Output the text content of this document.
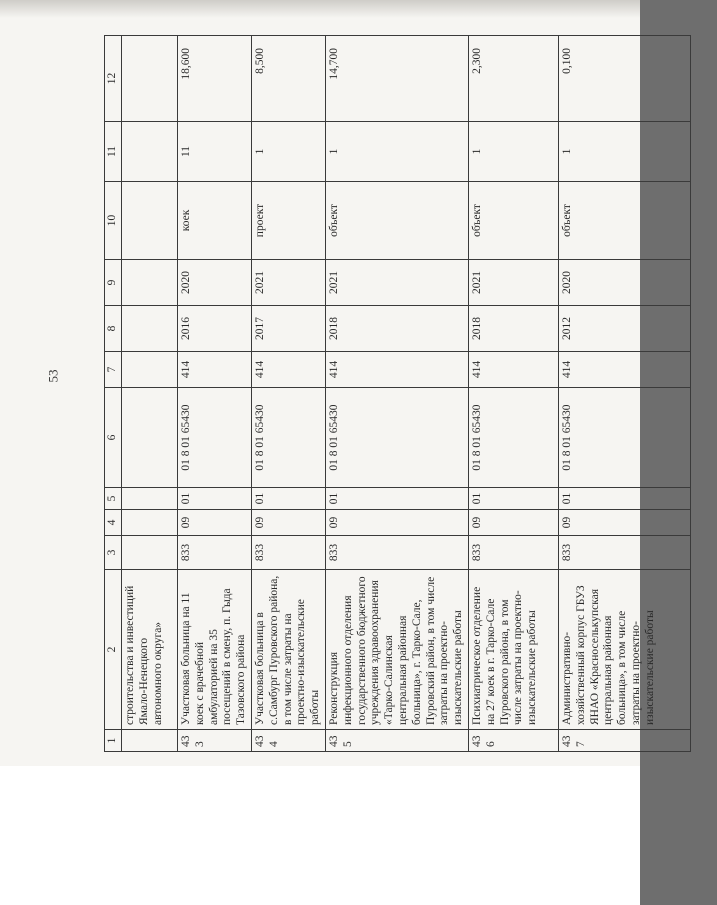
53
1	2	3	4	5	6	7	8	9	10	11	12
	строительства и инвестиций Ямало-Ненецкого автономного округа»										
433	Участковая больница на 11 коек с врачебной амбулаторией на 35 посещений в смену, п. Гыда Тазовского района	833	09	01	01 8 01 65430	414	2016	2020	коек	11	18,600
434	Участковая больница в с.Самбург Пуровского района, в том числе затраты на проектно-изыскательские работы	833	09	01	01 8 01 65430	414	2017	2021	проект	1	8,500
435	Реконструкция инфекционного отделения государственного бюджетного учреждения здравоохранения «Тарко-Салинская центральная районная больница», г. Тарко-Сале, Пуровский район, в том числе затраты на проектно-изыскательские работы	833	09	01	01 8 01 65430	414	2018	2021	объект	1	14,700
436	Психиатрическое отделение на 27 коек в г. Тарко-Сале Пуровского района, в том числе затраты на проектно-изыскательские работы	833	09	01	01 8 01 65430	414	2018	2021	объект	1	2,300
437	Административно-хозяйственный корпус ГБУЗ ЯНАО «Красноселькупская центральная районная больница», в том числе затраты на проектно-изыскательские работы	833	09	01	01 8 01 65430	414	2012	2020	объект	1	0,100
